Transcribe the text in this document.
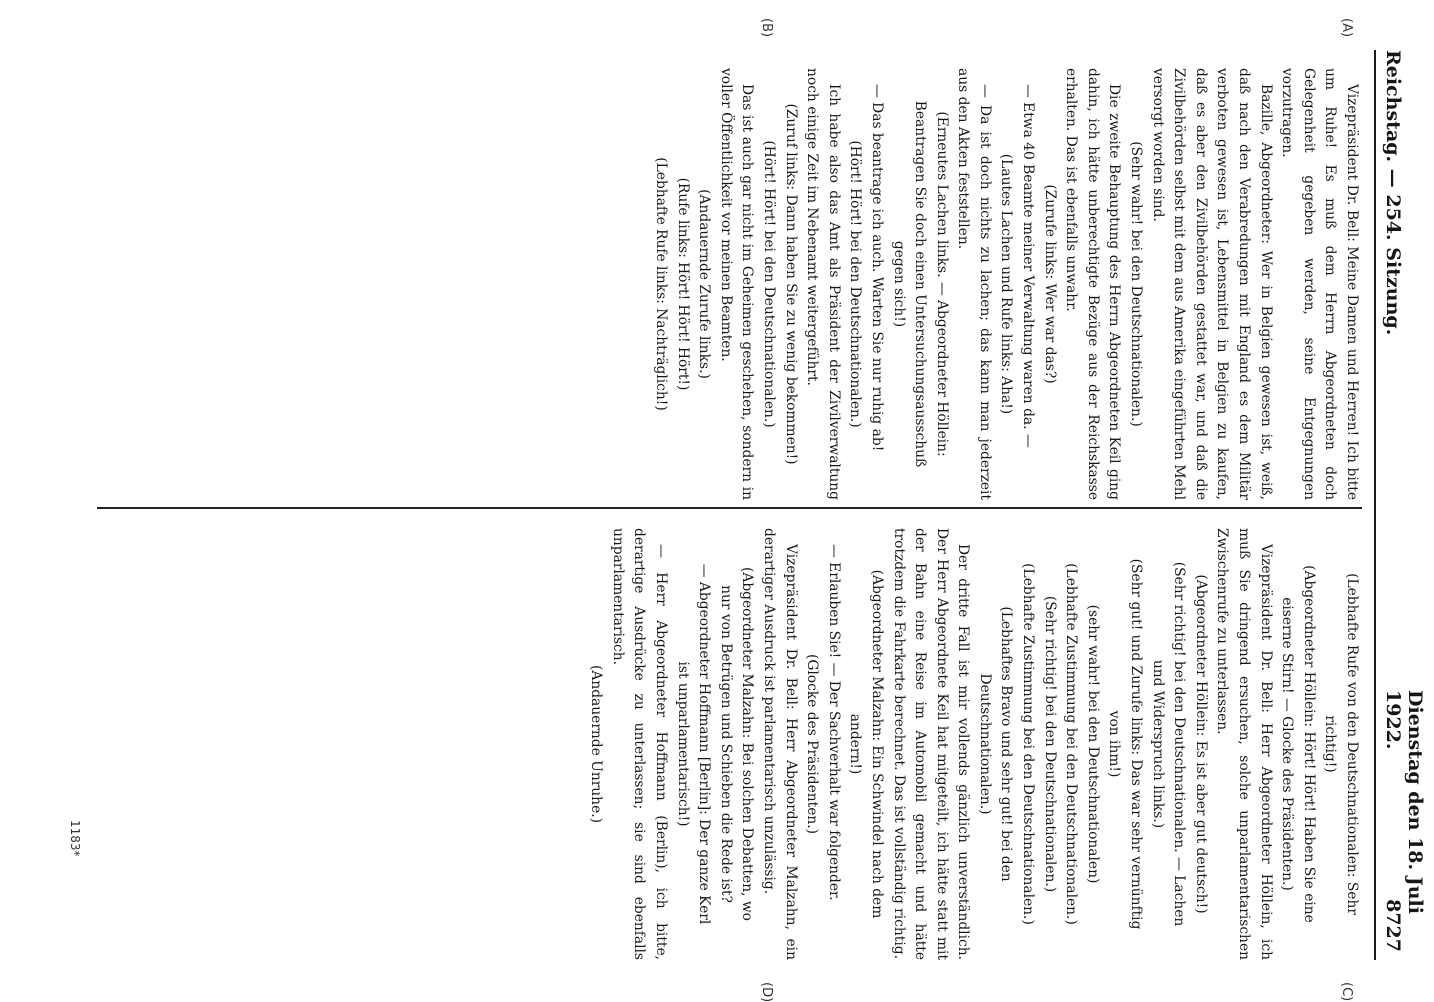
Reichstag. — 254. Sitzung.
Dienstag den 18. Juli 1922.
8727
(A)
(B)
(C)
(D)

Vizepräsident Dr. Bell: Meine Damen und Herren! Ich bitte um Ruhe! Es muß dem Herrn Abgeordneten doch Gelegenheit gegeben werden, seine Entgegnungen vorzutragen.

Bazille, Abgeordneter: Wer in Belgien gewesen ist, weiß, daß nach den Verabredungen mit England es dem Militär verboten gewesen ist, Lebensmittel in Belgien zu kaufen, daß es aber den Zivilbehörden gestattet war, und daß die Zivilbehörden selbst mit dem aus Amerika eingeführten Mehl versorgt worden sind.

(Sehr wahr! bei den Deutschnationalen.)

Die zweite Behauptung des Herrn Abgeordneten Keil ging dahin, ich hätte unberechtigte Bezüge aus der Reichskasse erhalten. Das ist ebenfalls unwahr.

(Zurufe links: Wer war das?)

— Etwa 40 Beamte meiner Verwaltung waren da. —

(Lautes Lachen und Rufe links: Aha!)

— Da ist doch nichts zu lachen; das kann man jederzeit aus den Akten feststellen.

(Erneutes Lachen links. — Abgeordneter Höllein: Beantragen Sie doch einen Untersuchungsausschuß gegen sich!)

— Das beantrage ich auch. Warten Sie nur ruhig ab!

(Hört! Hört! bei den Deutschnationalen.)

Ich habe also das Amt als Präsident der Zivilverwaltung noch einige Zeit im Nebenamt weitergeführt.

(Zuruf links: Dann haben Sie zu wenig bekommen!)

(Hört! Hört! bei den Deutschnationalen.)

Das ist auch gar nicht im Geheimen geschehen, sondern in voller Öffentlichkeit vor meinen Beamten.

(Andauernde Zurufe links.)

(Rufe links: Hört! Hört! Hört!)

(Lebhafte Rufe links: Nachträglich!)

(Lebhafte Rufe von den Deutschnationalen: Sehr richtig!)

(Abgeordneter Höllein: Hört! Hört! Haben Sie eine eiserne Stirn! — Glocke des Präsidenten.)

Vizepräsident Dr. Bell: Herr Abgeordneter Höllein, ich muß Sie dringend ersuchen, solche unparlamentarischen Zwischenrufe zu unterlassen.

(Abgeordneter Höllein: Es ist aber gut deutsch!)

(Sehr richtig! bei den Deutschnationalen. — Lachen und Widerspruch links.)

(Sehr gut! und Zurufe links: Das war sehr vernünftig von ihm!)

(sehr wahr! bei den Deutschnationalen)

(Lebhafte Zustimmung bei den Deutschnationalen.)

(Sehr richtig! bei den Deutschnationalen.)

(Lebhafte Zustimmung bei den Deutschnationalen.)

(Lebhaftes Bravo und sehr gut! bei den Deutschnationalen.)

Der dritte Fall ist mir vollends gänzlich unverständlich. Der Herr Abgeordnete Keil hat mitgeteilt, ich hätte statt mit der Bahn eine Reise im Automobil gemacht und hätte trotzdem die Fahrkarte berechnet. Das ist vollständig richtig.

(Abgeordneter Malzahn: Ein Schwindel nach dem andern!)

— Erlauben Sie! — Der Sachverhalt war folgender.

(Glocke des Präsidenten.)

Vizepräsident Dr. Bell: Herr Abgeordneter Malzahn, ein derartiger Ausdruck ist parlamentarisch unzulässig.

(Abgeordneter Malzahn: Bei solchen Debatten, wo nur von Betrügen und Schieben die Rede ist?

— Abgeordneter Hoffmann [Berlin]: Der ganze Kerl ist unparlamentarisch!)

— Herr Abgeordneter Hoffmann (Berlin), ich bitte, derartige Ausdrücke zu unterlassen; sie sind ebenfalls unparlamentarisch.

(Andauernde Unruhe.)

1183*
